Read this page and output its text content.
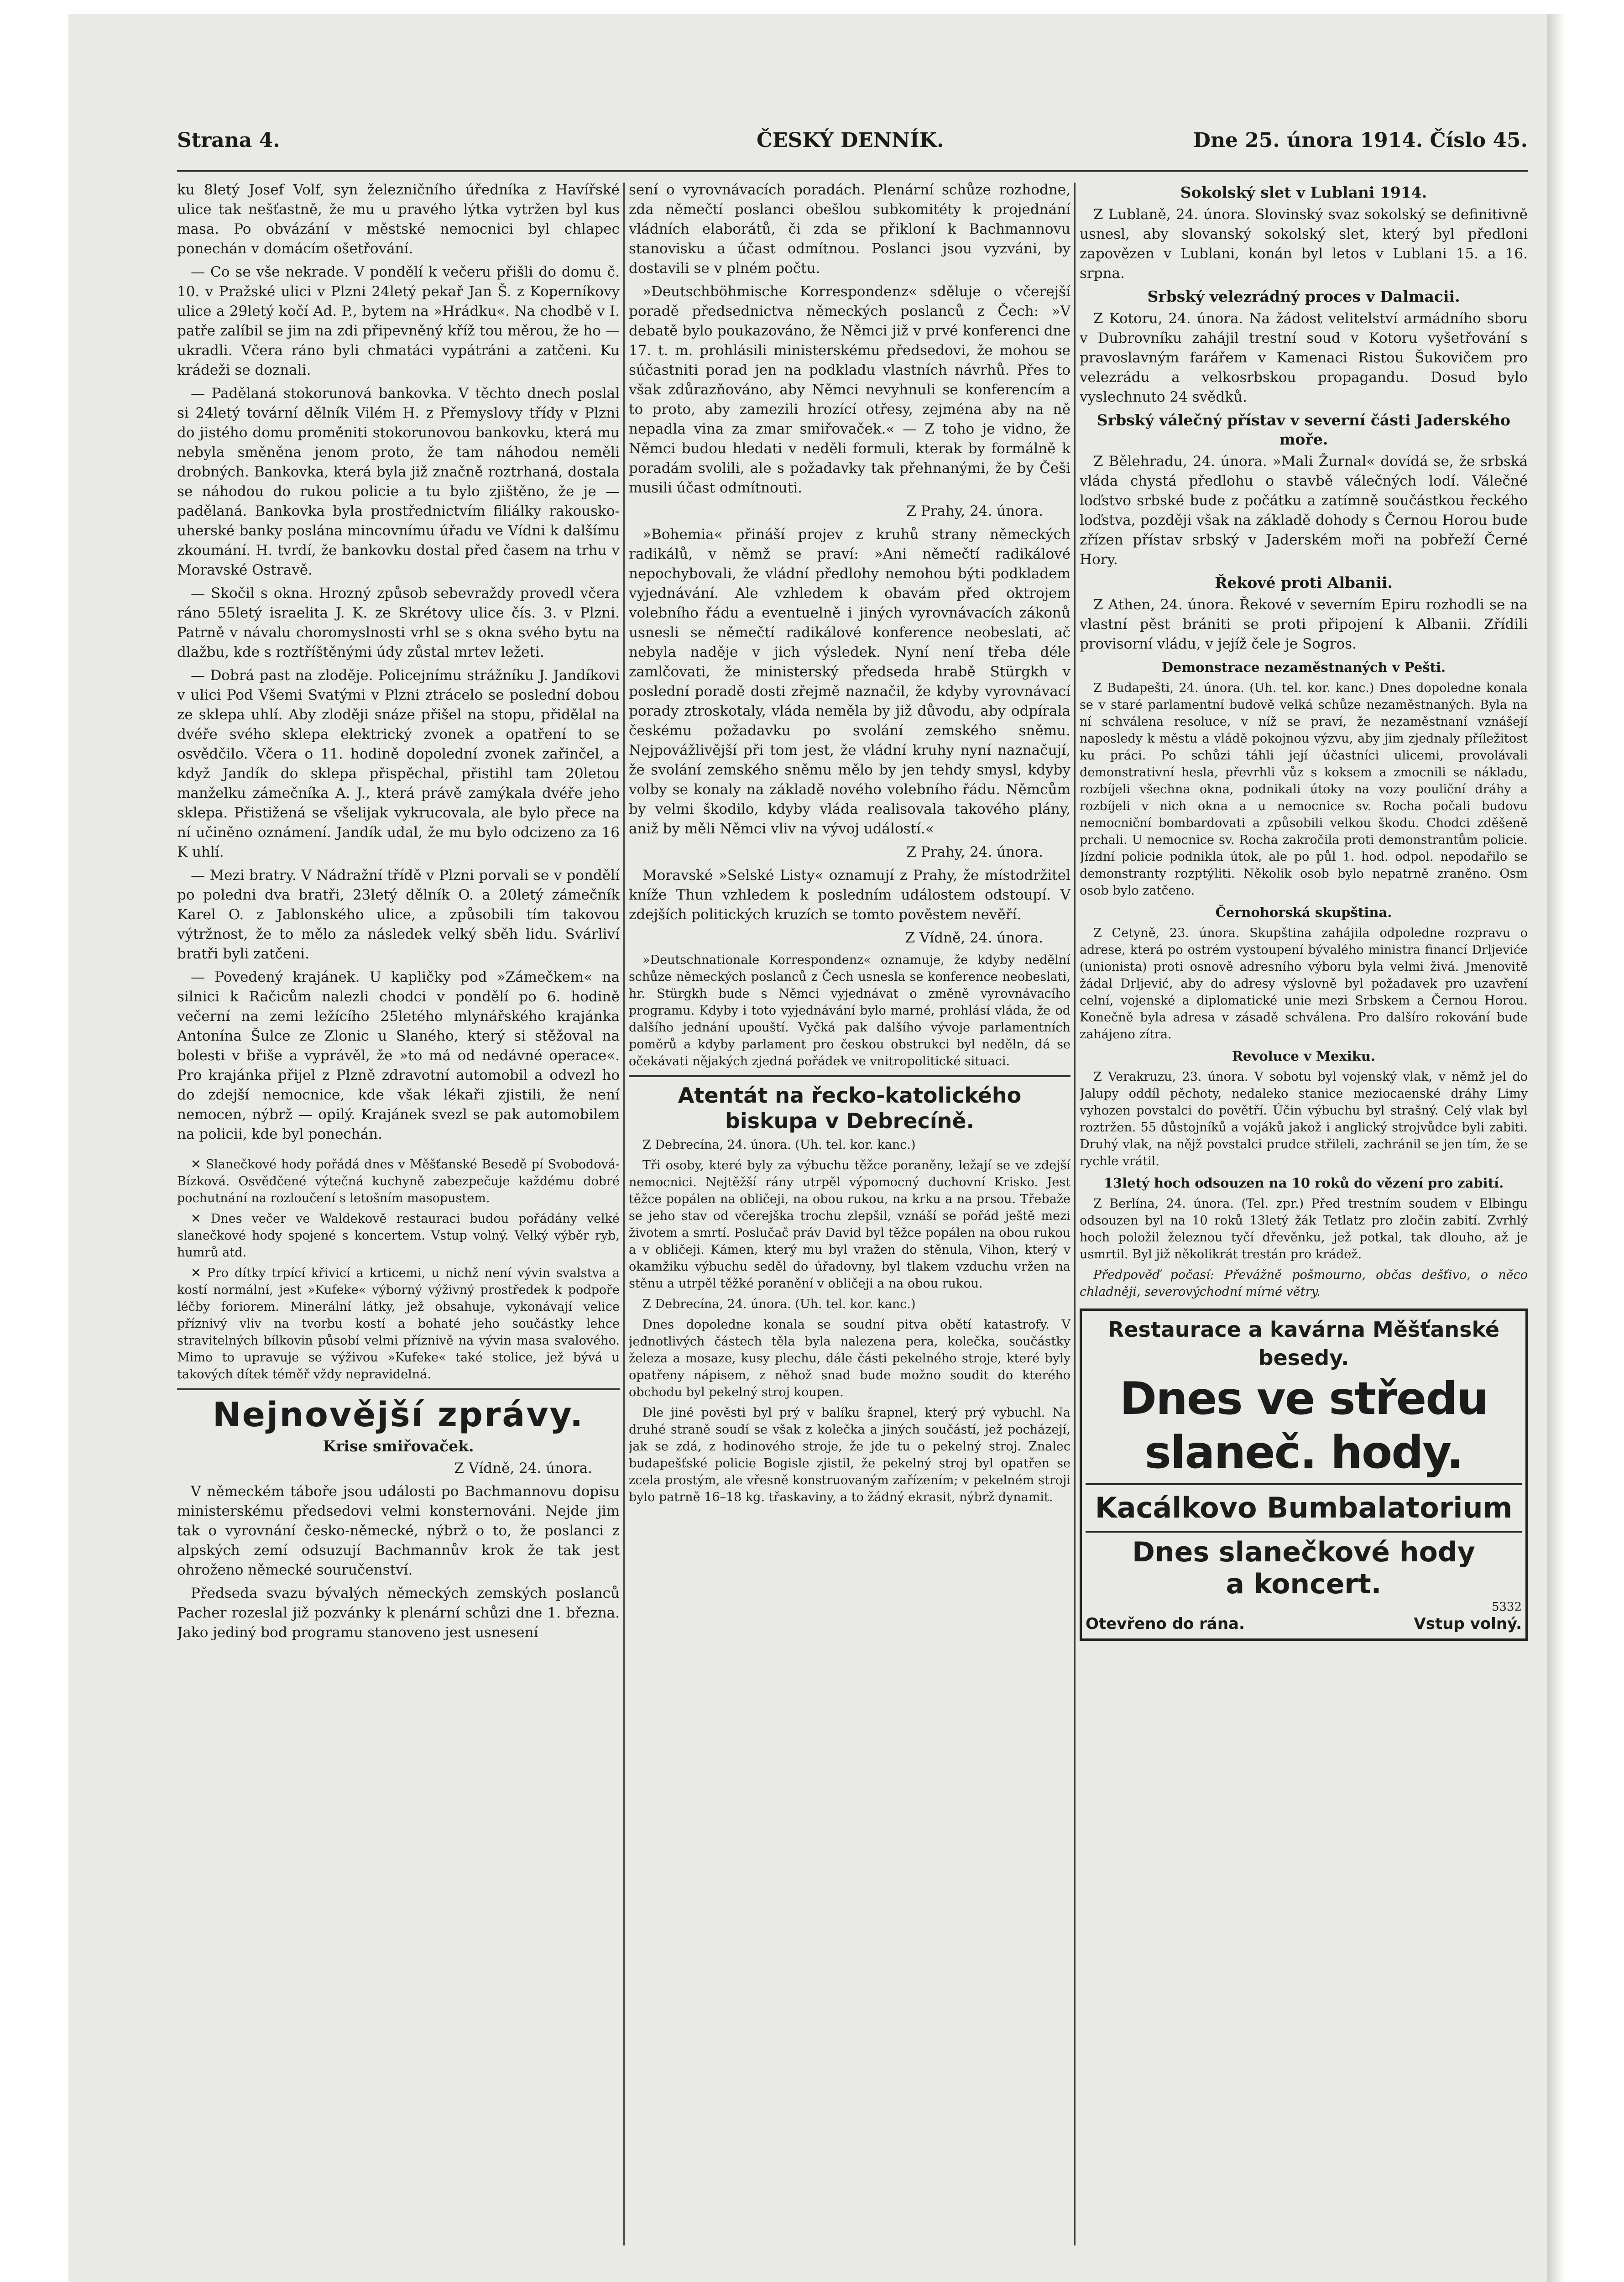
Strana 4.	ČESKÝ DENNÍK.	Dne 25. února 1914. Číslo 45.

ku 8letý Josef Volf, syn železničního úředníka z Havířské ulice tak nešťastně, že mu u pravého lýtka vytržen byl kus masa. Po obvázání v městské nemocnici byl chlapec ponechán v domácím ošetřování.

— Co se vše nekrade. V pondělí k večeru přišli do domu č. 10. v Pražské ulici v Plzni 24letý pekař Jan Š. z Koperníkovy ulice a 29letý kočí Ad. P., bytem na »Hrádku«. Na chodbě v I. patře zalíbil se jim na zdi připevněný kříž tou měrou, že ho — ukradli. Včera ráno byli chmatáci vypátráni a zatčeni. Ku krádeži se doznali.

— Padělaná stokorunová bankovka. V těchto dnech poslal si 24letý tovární dělník Vilém H. z Přemyslovy třídy v Plzni do jistého domu proměniti stokorunovou bankovku, která mu nebyla směněna jenom proto, že tam náhodou neměli drobných. Bankovka, která byla již značně roztrhaná, dostala se náhodou do rukou policie a tu bylo zjištěno, že je — padělaná. Bankovka byla prostřednictvím filiálky rakousko-uherské banky poslána mincovnímu úřadu ve Vídni k dalšímu zkoumání. H. tvrdí, že bankovku dostal před časem na trhu v Moravské Ostravě.

— Skočil s okna. Hrozný způsob sebevraždy provedl včera ráno 55letý israelita J. K. ze Skrétovy ulice čís. 3. v Plzni. Patrně v návalu choromyslnosti vrhl se s okna svého bytu na dlažbu, kde s roztříštěnými údy zůstal mrtev ležeti.

— Dobrá past na zloděje. Policejnímu strážníku J. Jandíkovi v ulici Pod Všemi Svatými v Plzni ztrácelo se poslední dobou ze sklepa uhlí. Aby zloději snáze přišel na stopu, přidělal na dvéře svého sklepa elektrický zvonek a opatření to se osvědčilo. Včera o 11. hodině dopolední zvonek zařinčel, a když Jandík do sklepa přispěchal, přistihl tam 20letou manželku zámečníka A. J., která právě zamýkala dvéře jeho sklepa. Přistižená se všelijak vykrucovala, ale bylo přece na ní učiněno oznámení. Jandík udal, že mu bylo odcizeno za 16 K uhlí.

— Mezi bratry. V Nádražní třídě v Plzni porvali se v pondělí po poledni dva bratři, 23letý dělník O. a 20letý zámečník Karel O. z Jablonského ulice, a způsobili tím takovou výtržnost, že to mělo za následek velký sběh lidu. Svárliví bratři byli zatčeni.

— Povedený krajánek. U kapličky pod »Zámečkem« na silnici k Račicům nalezli chodci v pondělí po 6. hodině večerní na zemi ležícího 25letého mlynářského krajánka Antonína Šulce ze Zlonic u Slaného, který si stěžoval na bolesti v břiše a vyprávěl, že »to má od nedávné operace«. Pro krajánka přijel z Plzně zdravotní automobil a odvezl ho do zdejší nemocnice, kde však lékaři zjistili, že není nemocen, nýbrž — opilý. Krajánek svezl se pak automobilem na policii, kde byl ponechán.

✕ Slanečkové hody pořádá dnes v Měšťanské Besedě pí Svobodová-Bízková. Osvědčené výtečná kuchyně zabezpečuje každému dobré pochutnání na rozloučení s letošním masopustem.

✕ Dnes večer ve Waldekově restauraci budou pořádány velké slanečkové hody spojené s koncertem. Vstup volný. Velký výběr ryb, humrů atd.

✕ Pro dítky trpící křivicí a krticemi, u nichž není vývin svalstva a kostí normální, jest »Kufeke« výborný výživný prostředek k podpoře léčby foriorem. Minerální látky, jež obsahuje, vykonávají velice příznivý vliv na tvorbu kostí a bohaté jeho součástky lehce stravitelných bílkovin působí velmi příznivě na vývin masa svalového. Mimo to upravuje se výživou »Kufeke« také stolice, jež bývá u takových dítek téměř vždy nepravidelná.

Nejnovější zprávy.
Krise smiřovaček.

Z Vídně, 24. února.

V německém táboře jsou události po Bachmannovu dopisu ministerskému předsedovi velmi konsternováni. Nejde jim tak o vyrovnání česko-německé, nýbrž o to, že poslanci z alpských zemí odsuzují Bachmannův krok že tak jest ohroženo německé souručenství.

Předseda svazu bývalých německých zemských poslanců Pacher rozeslal již pozvánky k plenární schůzi dne 1. března. Jako jediný bod programu stanoveno jest usnesení

sení o vyrovnávacích poradách. Plenární schůze rozhodne, zda němečtí poslanci obešlou subkomitéty k projednání vládních elaborátů, či zda se přikloní k Bachmannovu stanovisku a účast odmítnou. Poslanci jsou vyzváni, by dostavili se v plném počtu.

»Deutschböhmische Korrespondenz« sděluje o včerejší poradě předsednictva německých poslanců z Čech: »V debatě bylo poukazováno, že Němci již v prvé konferenci dne 17. t. m. prohlásili ministerskému předsedovi, že mohou se súčastniti porad jen na podkladu vlastních návrhů. Přes to však zdůrazňováno, aby Němci nevyhnuli se konferencím a to proto, aby zamezili hrozící otřesy, zejména aby na ně nepadla vina za zmar smiřovaček.« — Z toho je vidno, že Němci budou hledati v neděli formuli, kterak by formálně k poradám svolili, ale s požadavky tak přehnanými, že by Češi musili účast odmítnouti.

Z Prahy, 24. února.

»Bohemia« přináší projev z kruhů strany německých radikálů, v němž se praví: »Ani němečtí radikálové nepochybovali, že vládní předlohy nemohou býti podkladem vyjednávání. Ale vzhledem k obavám před oktrojem volebního řádu a eventuelně i jiných vyrovnávacích zákonů usnesli se němečtí radikálové konference neobeslati, ač nebyla naděje v jich výsledek. Nyní není třeba déle zamlčovati, že ministerský předseda hrabě Stürgkh v poslední poradě dosti zřejmě naznačil, že kdyby vyrovnávací porady ztroskotaly, vláda neměla by již důvodu, aby odpírala českému požadavku po svolání zemského sněmu. Nejpovážlivější při tom jest, že vládní kruhy nyní naznačují, že svolání zemského sněmu mělo by jen tehdy smysl, kdyby volby se konaly na základě nového volebního řádu. Němcům by velmi škodilo, kdyby vláda realisovala takového plány, aniž by měli Němci vliv na vývoj událostí.«

Z Prahy, 24. února.

Moravské »Selské Listy« oznamují z Prahy, že místodržitel kníže Thun vzhledem k posledním událostem odstoupí. V zdejších politických kruzích se tomto pověstem nevěří.

Z Vídně, 24. února.

»Deutschnationale Korrespondenz« oznamuje, že kdyby nedělní schůze německých poslanců z Čech usnesla se konference neobeslati, hr. Stürgkh bude s Němci vyjednávat o změně vyrovnávacího programu. Kdyby i toto vyjednávání bylo marné, prohlásí vláda, že od dalšího jednání upouští. Vyčká pak dalšího vývoje parlamentních poměrů a kdyby parlament pro českou obstrukci byl neděln, dá se očekávati nějakých zjedná pořádek ve vnitropolitické situaci.

Atentát na řecko-katolického biskupa v Debrecíně.

Z Debrecína, 24. února. (Uh. tel. kor. kanc.)

Tři osoby, které byly za výbuchu těžce poraněny, ležají se ve zdejší nemocnici. Nejtěžší rány utrpěl výpomocný duchovní Krisko. Jest těžce popálen na obličeji, na obou rukou, na krku a na prsou. Třebaže se jeho stav od včerejška trochu zlepšil, vznáší se pořád ještě mezi životem a smrtí. Poslučač práv David byl těžce popálen na obou rukou a v obličeji. Kámen, který mu byl vražen do stěnula, Vihon, který v okamžiku výbuchu seděl do úřadovny, byl tlakem vzduchu vržen na stěnu a utrpěl těžké poranění v obličeji a na obou rukou.

Z Debrecína, 24. února. (Uh. tel. kor. kanc.)

Dnes dopoledne konala se soudní pitva obětí katastrofy. V jednotlivých částech těla byla nalezena pera, kolečka, součástky železa a mosaze, kusy plechu, dále části pekelného stroje, které byly opatřeny nápisem, z něhož snad bude možno soudit do kterého obchodu byl pekelný stroj koupen.

Dle jiné pověsti byl prý v balíku šrapnel, který prý vybuchl. Na druhé straně soudí se však z kolečka a jiných součástí, jež pocházejí, jak se zdá, z hodinového stroje, že jde tu o pekelný stroj. Znalec budapešťské policie Bogisle zjistil, že pekelný stroj byl opatřen se zcela prostým, ale vřesně konstruovaným zařízením; v pekelném stroji bylo patrně 16–18 kg. třaskaviny, a to žádný ekrasit, nýbrž dynamit.

Sokolský slet v Lublani 1914.

Z Lublaně, 24. února. Slovinský svaz sokolský se definitivně usnesl, aby slovanský sokolský slet, který byl předloni zapovězen v Lublani, konán byl letos v Lublani 15. a 16. srpna.

Srbský velezrádný proces v Dalmacii.

Z Kotoru, 24. února. Na žádost velitelství armádního sboru v Dubrovníku zahájil trestní soud v Kotoru vyšetřování s pravoslavným farářem v Kamenaci Ristou Šukovičem pro velezrádu a velkosrbskou propagandu. Dosud bylo vyslechnuto 24 svědků.

Srbský válečný přístav v severní části Jaderského moře.

Z Bělehradu, 24. února. »Mali Žurnal« dovídá se, že srbská vláda chystá předlohu o stavbě válečných lodí. Válečné loďstvo srbské bude z počátku a zatímně součástkou řeckého loďstva, později však na základě dohody s Černou Horou bude zřízen přístav srbský v Jaderském moři na pobřeží Černé Hory.

Řekové proti Albanii.

Z Athen, 24. února. Řekové v severním Epiru rozhodli se na vlastní pěst brániti se proti připojení k Albanii. Zřídili provisorní vládu, v jejíž čele je Sogros.

Demonstrace nezaměstnaných v Pešti.

Z Budapešti, 24. února. (Uh. tel. kor. kanc.) Dnes dopoledne konala se v staré parlamentní budově velká schůze nezaměstnaných. Byla na ní schválena resoluce, v níž se praví, že nezaměstnaní vznášejí naposledy k městu a vládě pokojnou výzvu, aby jim zjednaly příležitost ku práci. Po schůzi táhli její účastníci ulicemi, provolávali demonstrativní hesla, převrhli vůz s koksem a zmocnili se nákladu, rozbíjeli všechna okna, podnikali útoky na vozy pouliční dráhy a rozbíjeli v nich okna a u nemocnice sv. Rocha počali budovu nemocniční bombardovati a způsobili velkou škodu. Chodci zděšeně prchali. U nemocnice sv. Rocha zakročila proti demonstrantům policie. Jízdní policie podnikla útok, ale po půl 1. hod. odpol. nepodařilo se demonstranty rozptýliti. Několik osob bylo nepatrně zraněno. Osm osob bylo zatčeno.

Černohorská skupština.

Z Cetyně, 23. února. Skupština zahájila odpoledne rozpravu o adrese, která po ostrém vystoupení bývalého ministra financí Drljeviće (unionista) proti osnově adresního výboru byla velmi živá. Jmenovitě žádal Drljević, aby do adresy výslovně byl požadavek pro uzavření celní, vojenské a diplomatické unie mezi Srbskem a Černou Horou. Konečně byla adresa v zásadě schválena. Pro dalšíro rokování bude zahájeno zítra.

Revoluce v Mexiku.

Z Verakruzu, 23. února. V sobotu byl vojenský vlak, v němž jel do Jalupy oddíl pěchoty, nedaleko stanice meziocaenské dráhy Limy vyhozen povstalci do povětří. Účin výbuchu byl strašný. Celý vlak byl roztržen. 55 důstojníků a vojáků jakož i anglický strojvůdce byli zabiti. Druhý vlak, na nějž povstalci prudce střileli, zachránil se jen tím, že se rychle vrátil.

13letý hoch odsouzen na 10 roků do vězení pro zabití.

Z Berlína, 24. února. (Tel. zpr.) Před trestním soudem v Elbingu odsouzen byl na 10 roků 13letý žák Tetlatz pro zločin zabití. Zvrhlý hoch položil železnou tyčí dřevěnku, jež potkal, tak dlouho, až je usmrtil. Byl již několikrát trestán pro krádež.

Předpověď počasí: Převážně pošmourno, občas dešťivo, o něco chladněji, severovýchodní mírné větry.

Restaurace a kavárna Měšťanské besedy.
Dnes ve středu slaneč. hody.
Kacálkovo Bumbalatorium
Dnes slanečkové hody
a koncert.
5332
Otevřeno do rána.	Vstup volný.
